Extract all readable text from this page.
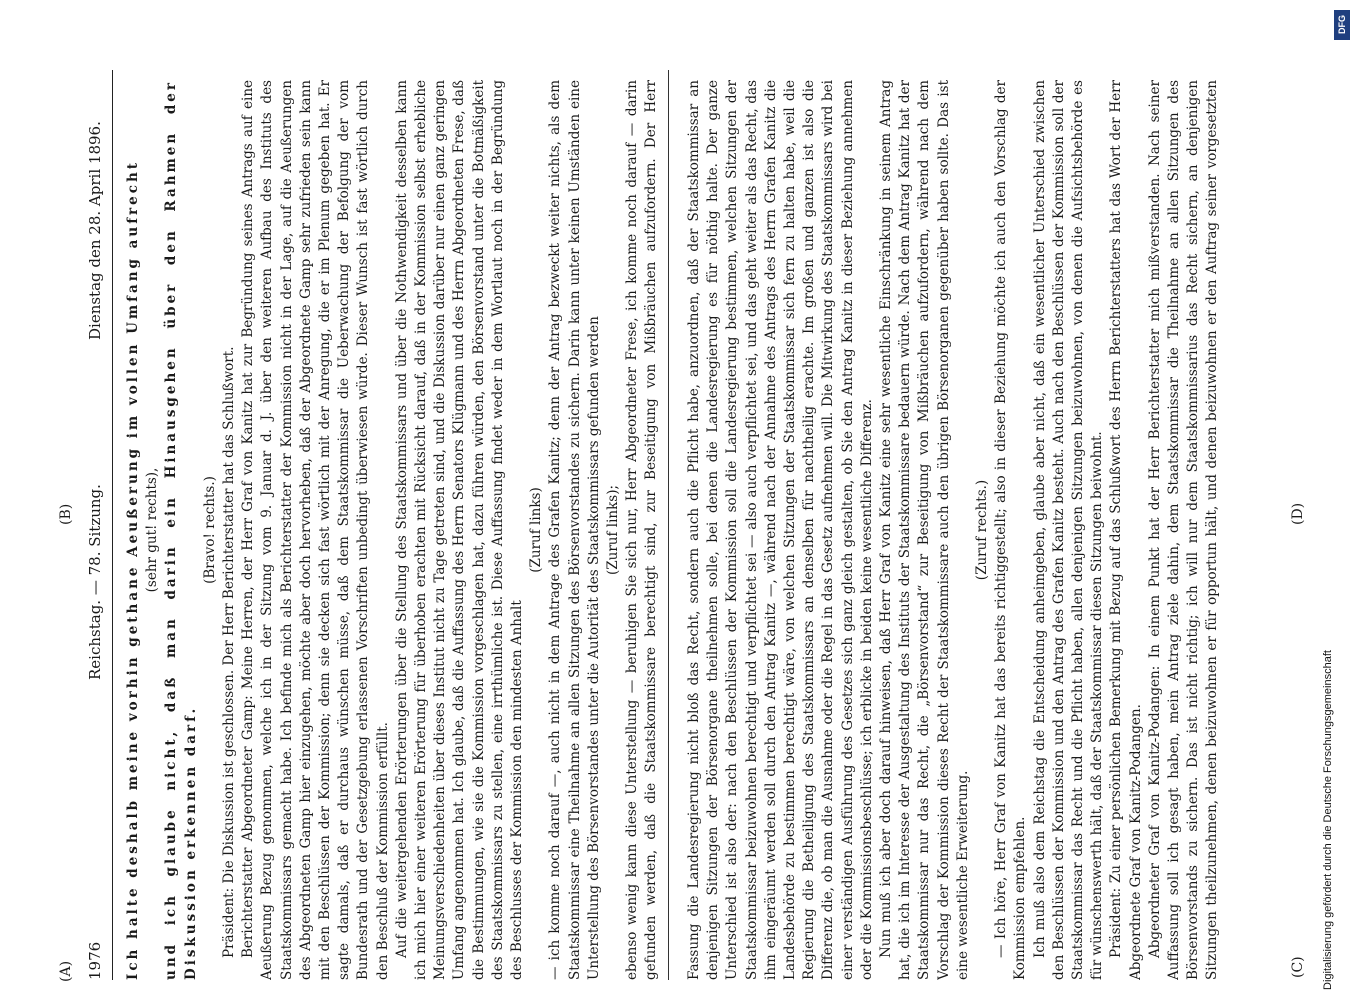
1976
Reichstag. — 78. Sitzung.
Dienstag den 28. April 1896.	Ich halte deshalb meine vorhin gethane Aeußerung im vollen Umfang aufrecht (sehr gut! rechts), und ich glaube nicht, daß man darin ein Hinausgehen über den Rahmen der Diskussion erkennen darf.

(Bravo! rechts.) Präsident: Die Diskussion ist geschlossen. Der Herr Berichterstatter hat das Schlußwort. Berichterstatter Abgeordneter Gamp: Meine Herren, der Herr Graf von Kanitz hat zur Begründung seines Antrags auf eine Aeußerung Bezug genommen, welche ich in der Sitzung vom 9. Januar d. J. über den weiteren Aufbau des Instituts des Staatskommissars gemacht habe. Ich befinde mich als Berichterstatter der Kommission nicht in der Lage, auf die Aeußerungen des Abgeordneten Gamp hier einzugehen, möchte aber doch hervorheben, daß der Abgeordnete Gamp sehr zufrieden sein kann mit den Beschlüssen der Kommission; denn sie decken sich fast wörtlich mit der Anregung, die er im Plenum gegeben hat. Er sagte damals, daß er durchaus wünschen müsse, daß dem Staatskommissar die Ueberwachung der Befolgung der vom Bundesrath und der Gesetzgebung erlassenen Vorschriften unbedingt überwiesen würde. Dieser Wunsch ist fast wörtlich durch den Beschluß der Kommission erfüllt. Auf die weitergehenden Erörterungen über die Stellung des Staatskommissars und über die Nothwendigkeit desselben kann ich mich hier einer weiteren Erörterung für überhoben erachten mit Rücksicht darauf, daß in der Kommission selbst erhebliche Meinungsverschiedenheiten über dieses Institut nicht zu Tage getreten sind, und die Diskussion darüber nur einen ganz geringen Umfang angenommen hat. Ich glaube, daß die Auffassung des Herrn Senators Klügmann und des Herrn Abgeordneten Frese, daß die Bestimmungen, wie sie die Kommission vorgeschlagen hat, dazu führen würden, den Börsenvorstand unter die Botmäßigkeit des Staatskommissars zu stellen, eine irrthümliche ist. Diese Auffassung findet weder in dem Wortlaut noch in der Begründung des Beschlusses der Kommission den mindesten Anhalt

(Zuruf links) — ich komme noch darauf —, auch nicht in dem Antrage des Grafen Kanitz; denn der Antrag bezweckt weiter nichts, als dem Staatskommissar eine Theilnahme an allen Sitzungen des Börsenvorstandes zu sichern. Darin kann unter keinen Umständen eine Unterstellung des Börsenvorstandes unter die Autorität des Staatskommissars gefunden werden (Zuruf links);

ebenso wenig kann diese Unterstellung — beruhigen Sie sich nur, Herr Abgeordneter Frese, ich komme noch darauf — darin gefunden werden, daß die Staatskommissare berechtigt sind, zur Beseitigung von Mißbräuchen aufzufordern. Der Herr	Fassung die Landesregierung nicht bloß das Recht, sondern auch die Pflicht habe, anzuordnen, daß der Staatskommissar an denjenigen Sitzungen der Börsenorgane theilnehmen solle, bei denen die Landesregierung es für nöthig halte. Der ganze Unterschied ist also der: nach den Beschlüssen der Kommission soll die Landesregierung bestimmen, welchen Sitzungen der Staatskommissar beizuwohnen berechtigt und verpflichtet sei — also auch verpflichtet sei, und das geht weiter als das Recht, das ihm eingeräumt werden soll durch den Antrag Kanitz —, während nach der Annahme des Antrags des Herrn Grafen Kanitz die Landesbehörde zu bestimmen berechtigt wäre, von welchen Sitzungen der Staatskommissar sich fern zu halten habe, weil die Regierung die Betheiligung des Staatskommissars an denselben für nachtheilig erachte. Im großen und ganzen ist also die Differenz die, ob man die Ausnahme oder die Regel in das Gesetz aufnehmen will. Die Mitwirkung des Staatskommissars wird bei einer verständigen Ausführung des Gesetzes sich ganz gleich gestalten, ob Sie den Antrag Kanitz in dieser Beziehung annehmen oder die Kommissionsbeschlüsse; ich erblicke in beiden keine wesentliche Differenz. Nun muß ich aber doch darauf hinweisen, daß Herr Graf von Kanitz eine sehr wesentliche Einschränkung in seinem Antrag hat, die ich im Interesse der Ausgestaltung des Instituts der Staatskommissare bedauern würde. Nach dem Antrag Kanitz hat der Staatskommissar nur das Recht, die „Börsenvorstand“ zur Beseitigung von Mißbräuchen aufzufordern, während nach dem Vorschlag der Kommission dieses Recht der Staatskommissare auch den übrigen Börsenorganen gegenüber haben sollte. Das ist eine wesentliche Erweiterung.

(Zuruf rechts.) — Ich höre, Herr Graf von Kanitz hat das bereits richtiggestellt; also in dieser Beziehung möchte ich auch den Vorschlag der Kommission empfehlen. Ich muß also dem Reichstag die Entscheidung anheimgeben, glaube aber nicht, daß ein wesentlicher Unterschied zwischen den Beschlüssen der Kommission und den Antrag des Grafen Kanitz besteht. Auch nach den Beschlüssen der Kommission soll der Staatskommissar das Recht und die Pflicht haben, allen denjenigen Sitzungen beizuwohnen, von denen die Aufsichtsbehörde es für wünschenswerth hält, daß der Staatskommissar diesen Sitzungen beiwohnt. Präsident: Zu einer persönlichen Bemerkung mit Bezug auf das Schlußwort des Herrn Berichterstatters hat das Wort der Herr Abgeordnete Graf von Kanitz-Podangen. Abgeordneter Graf von Kanitz-Podangen: In einem Punkt hat der Herr Berichterstatter mich mißverstanden. Nach seiner Auffassung soll ich gesagt haben, mein Antrag ziele dahin, dem Staatskommissar die Theilnahme an allen Sitzungen des Börsenvorstands zu sichern. Das ist nicht richtig; ich will nur dem Staatskommissarius das Recht sichern, an denjenigen Sitzungen theilzunehmen, denen beizuwohnen er für opportun hält, und denen beizuwohnen er den Auftrag seiner vorgesetzten

(A)
(B)
(C)
(D)
DFG
Digitalisierung gefördert durch die Deutsche Forschungsgemeinschaft
